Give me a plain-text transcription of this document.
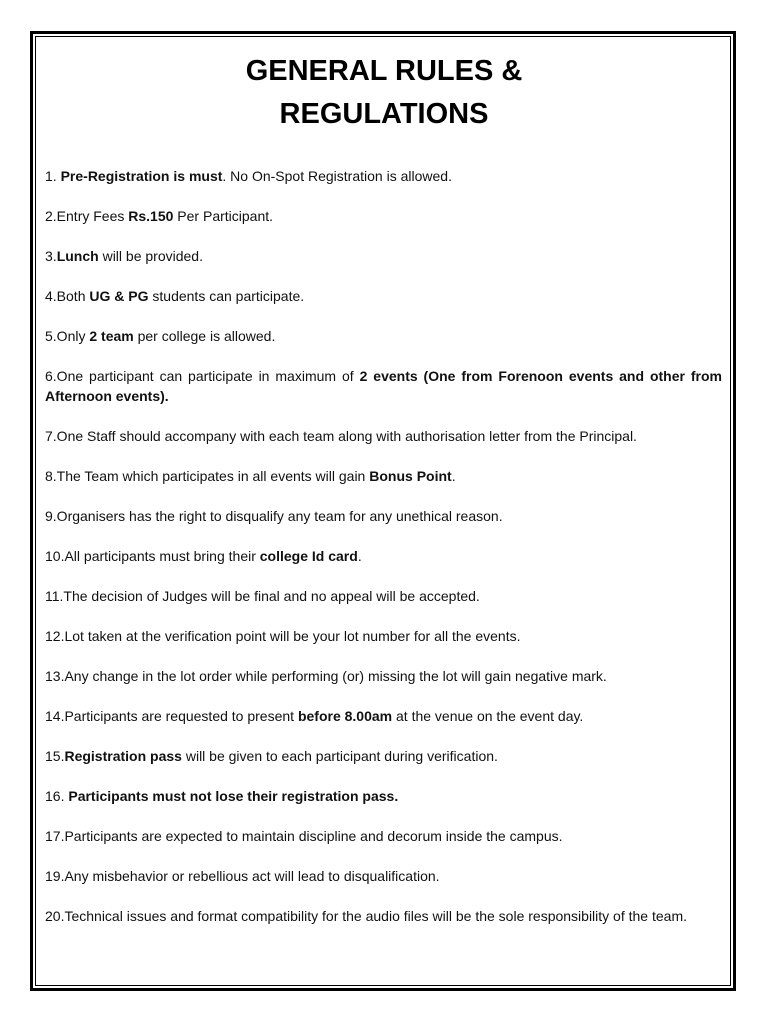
GENERAL RULES &
REGULATIONS
1. Pre-Registration is must. No On-Spot Registration is allowed.
2.Entry Fees Rs.150 Per Participant.
3.Lunch will be provided.
4.Both UG & PG students can participate.
5.Only 2 team per college is allowed.
6.One participant can participate in maximum of 2 events (One from Forenoon events and other from Afternoon events).
7.One Staff should accompany with each team along with authorisation letter from the Principal.
8.The Team which participates in all events will gain Bonus Point.
9.Organisers has the right to disqualify any team for any unethical reason.
10.All participants must bring their college Id card.
11.The decision of Judges will be final and no appeal will be accepted.
12.Lot taken at the verification point will be your lot number for all the events.
13.Any change in the lot order while performing (or) missing the lot will gain negative mark.
14.Participants are requested to present before 8.00am at the venue on the event day.
15.Registration pass will be given to each participant during verification.
16. Participants must not lose their registration pass.
17.Participants are expected to maintain discipline and decorum inside the campus.
19.Any misbehavior or rebellious act will lead to disqualification.
20.Technical issues and format compatibility for the audio files will be the sole responsibility of the team.
